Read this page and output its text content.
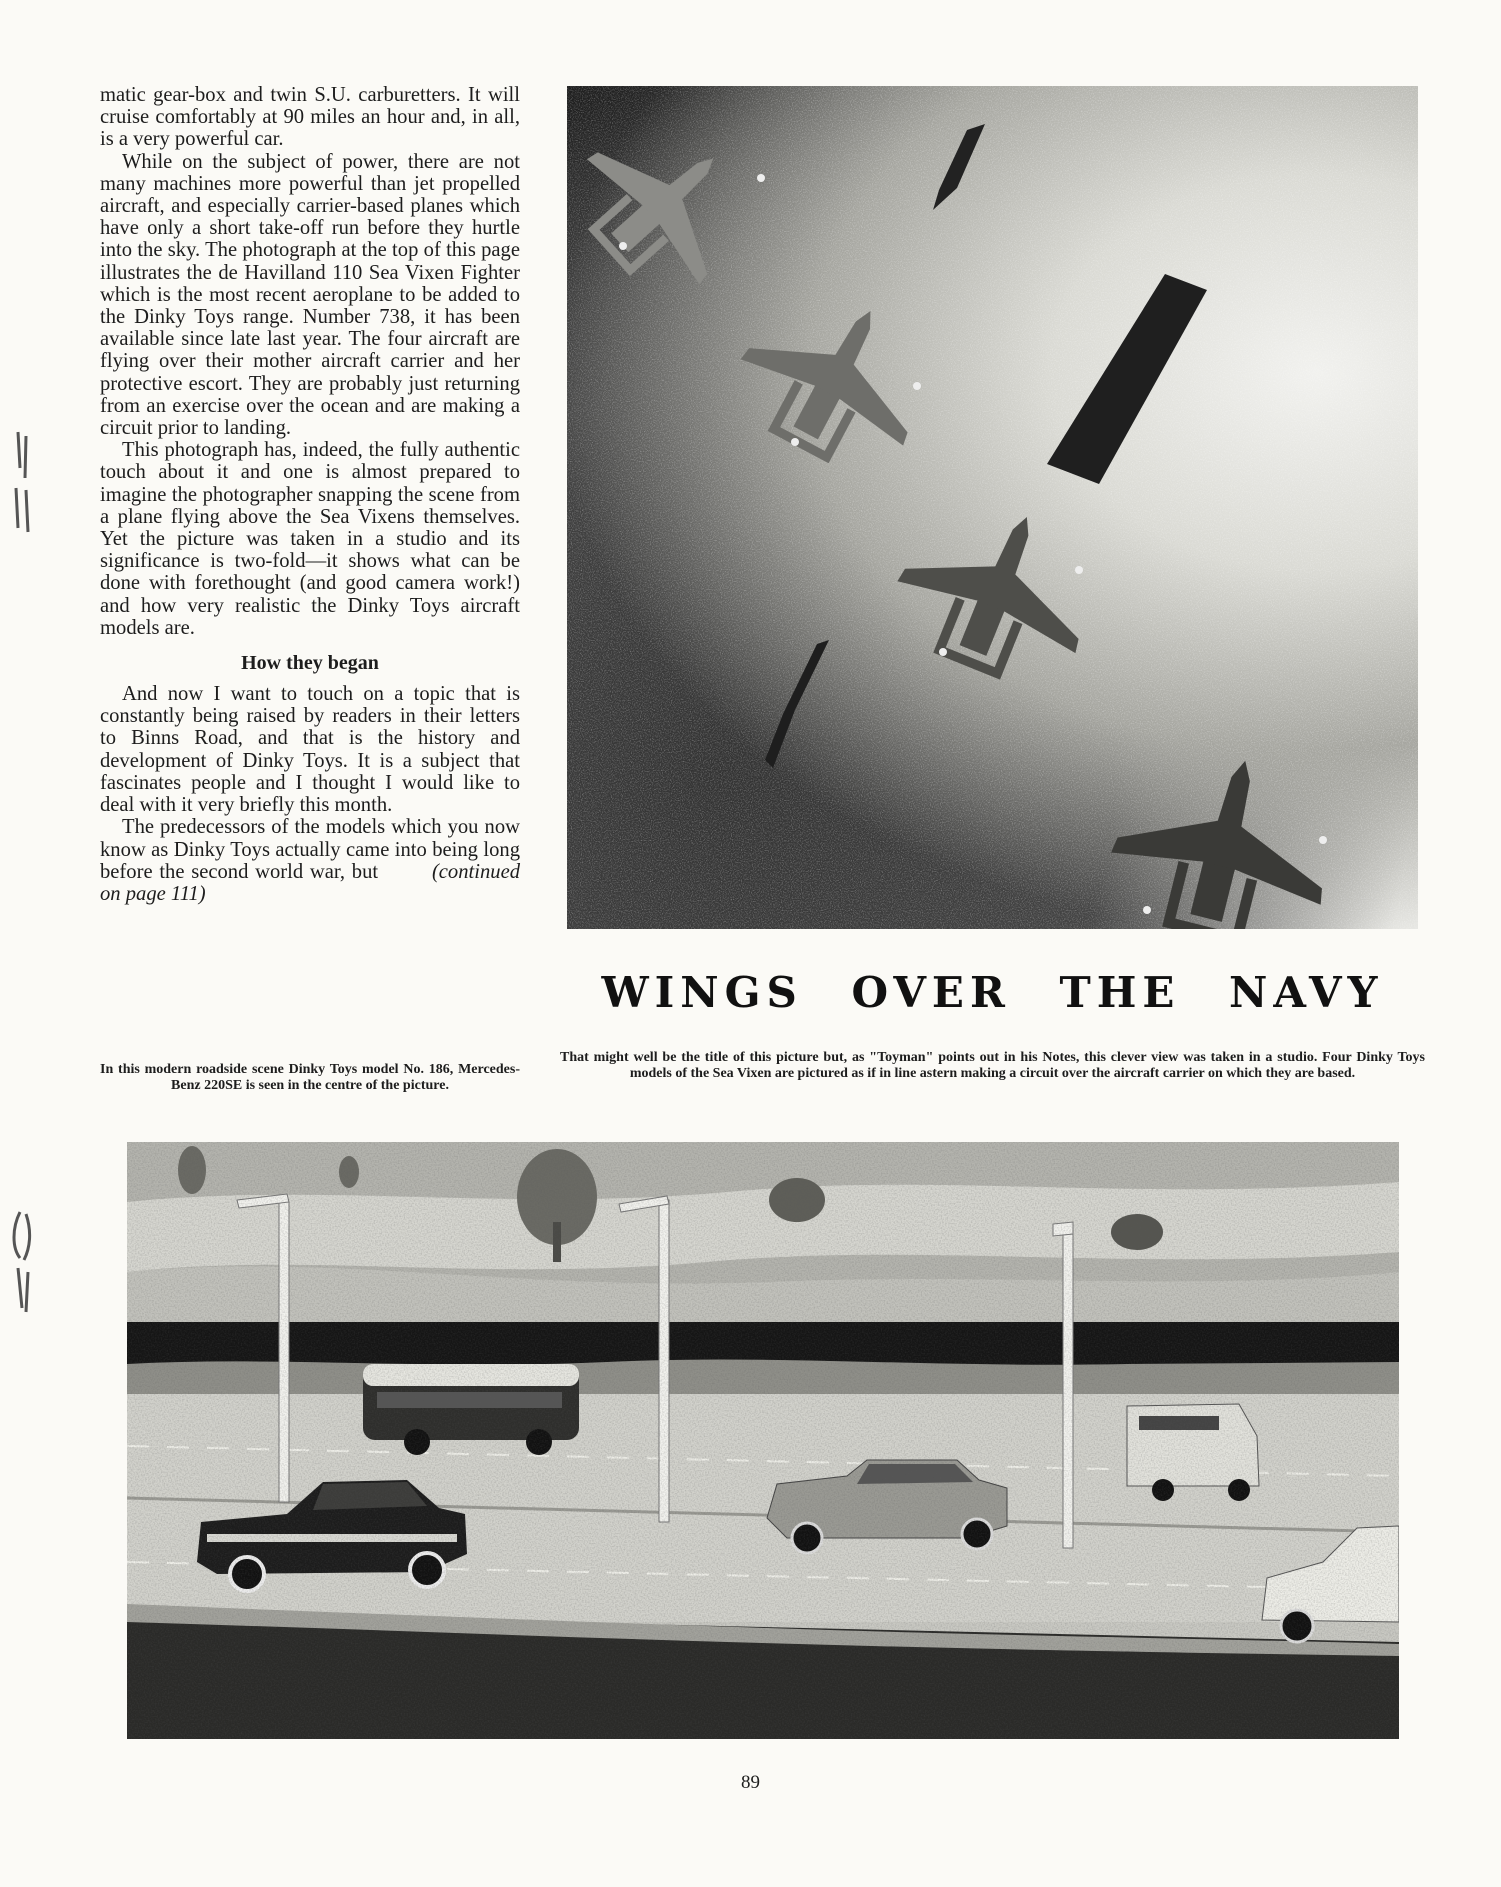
matic gear-box and twin S.U. carburetters. It will cruise comfortably at 90 miles an hour and, in all, is a very powerful car.

While on the subject of power, there are not many machines more powerful than jet propelled aircraft, and especially carrier-based planes which have only a short take-off run before they hurtle into the sky. The photograph at the top of this page illustrates the de Havilland 110 Sea Vixen Fighter which is the most recent aeroplane to be added to the Dinky Toys range. Number 738, it has been available since late last year. The four aircraft are flying over their mother aircraft carrier and her protective escort. They are probably just returning from an exercise over the ocean and are making a circuit prior to landing.

This photograph has, indeed, the fully authentic touch about it and one is almost prepared to imagine the photographer snapping the scene from a plane flying above the Sea Vixens themselves. Yet the picture was taken in a studio and its significance is two-fold—it shows what can be done with forethought (and good camera work!) and how very realistic the Dinky Toys aircraft models are.

How they began

And now I want to touch on a topic that is constantly being raised by readers in their letters to Binns Road, and that is the history and development of Dinky Toys. It is a subject that fascinates people and I thought I would like to deal with it very briefly this month.

The predecessors of the models which you now know as Dinky Toys actually came into being long before the second world war, but	(continued on page 111)

WINGS OVER THE NAVY
That might well be the title of this picture but, as "Toyman" points out in his Notes, this clever view was taken in a studio. Four Dinky Toys models of the Sea Vixen are pictured as if in line astern making a circuit over the aircraft carrier on which they are based.
In this modern roadside scene Dinky Toys model No. 186, Mercedes-Benz 220SE is seen in the centre of the picture.
89
